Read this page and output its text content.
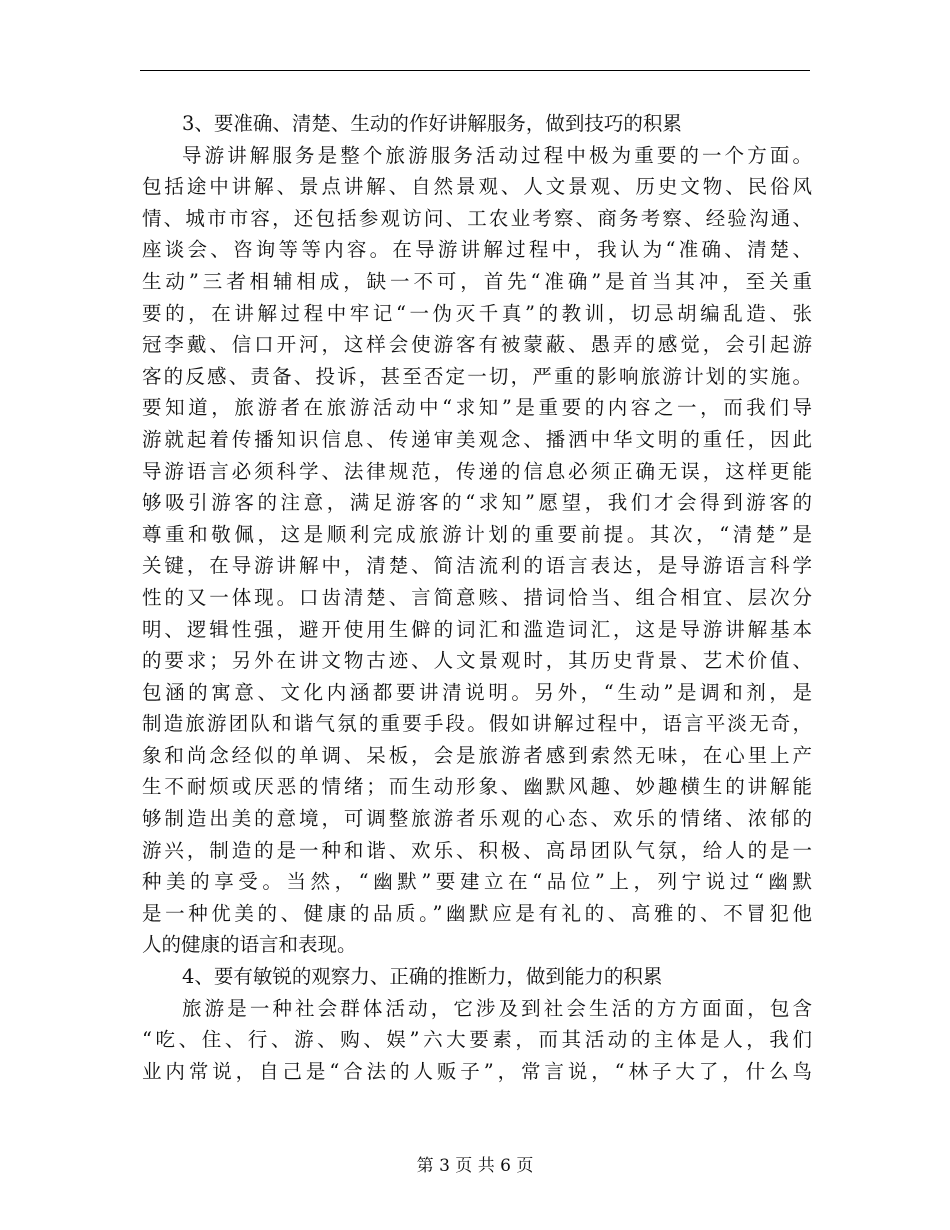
3、要准确、清楚、生动的作好讲解服务，做到技巧的积累
导游讲解服务是整个旅游服务活动过程中极为重要的一个方面。
包括途中讲解、景点讲解、自然景观、人文景观、历史文物、民俗风
情、城市市容，还包括参观访问、工农业考察、商务考察、经验沟通、
座谈会、咨询等等内容。在导游讲解过程中，我认为“准确、清楚、
生动”三者相辅相成，缺一不可，首先“准确”是首当其冲，至关重
要的，在讲解过程中牢记“一伪灭千真”的教训，切忌胡编乱造、张
冠李戴、信口开河，这样会使游客有被蒙蔽、愚弄的感觉，会引起游
客的反感、责备、投诉，甚至否定一切，严重的影响旅游计划的实施。
要知道，旅游者在旅游活动中“求知”是重要的内容之一，而我们导
游就起着传播知识信息、传递审美观念、播洒中华文明的重任，因此
导游语言必须科学、法律规范，传递的信息必须正确无误，这样更能
够吸引游客的注意，满足游客的“求知”愿望，我们才会得到游客的
尊重和敬佩，这是顺利完成旅游计划的重要前提。其次，“清楚”是
关键，在导游讲解中，清楚、简洁流利的语言表达，是导游语言科学
性的又一体现。口齿清楚、言简意赅、措词恰当、组合相宜、层次分
明、逻辑性强，避开使用生僻的词汇和滥造词汇，这是导游讲解基本
的要求；另外在讲文物古迹、人文景观时，其历史背景、艺术价值、
包涵的寓意、文化内涵都要讲清说明。另外，“生动”是调和剂，是
制造旅游团队和谐气氛的重要手段。假如讲解过程中，语言平淡无奇，
象和尚念经似的单调、呆板，会是旅游者感到索然无味，在心里上产
生不耐烦或厌恶的情绪；而生动形象、幽默风趣、妙趣横生的讲解能
够制造出美的意境，可调整旅游者乐观的心态、欢乐的情绪、浓郁的
游兴，制造的是一种和谐、欢乐、积极、高昂团队气氛，给人的是一
种美的享受。当然，“幽默”要建立在“品位”上，列宁说过“幽默
是一种优美的、健康的品质。”幽默应是有礼的、高雅的、不冒犯他
人的健康的语言和表现。
4、要有敏锐的观察力、正确的推断力，做到能力的积累
旅游是一种社会群体活动，它涉及到社会生活的方方面面，包含
“吃、住、行、游、购、娱”六大要素，而其活动的主体是人，我们
业内常说，自己是“合法的人贩子”，常言说，“林子大了，什么鸟
第 3 页 共 6 页
